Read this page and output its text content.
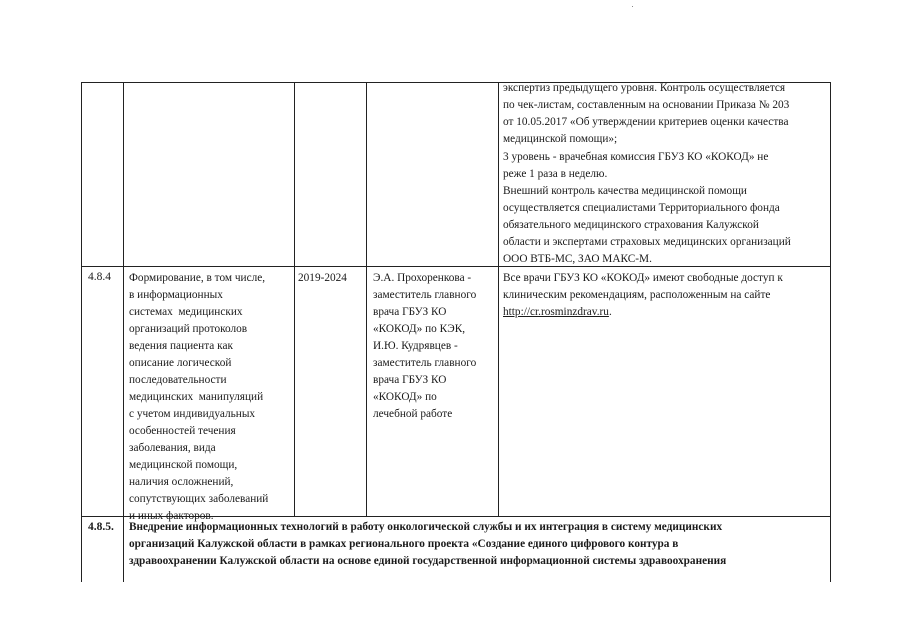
экспертиз предыдущего уровня. Контроль осуществляется
по чек-листам, составленным на основании Приказа № 203
от 10.05.2017 «Об утверждении критериев оценки качества
медицинской помощи»;
3 уровень - врачебная комиссия ГБУЗ КО «КОКОД» не
реже 1 раза в неделю.
Внешний контроль качества медицинской помощи
осуществляется специалистами Территориального фонда
обязательного медицинского страхования Калужской
области и экспертами страховых медицинских организаций
ООО ВТБ-МС, ЗАО МАКС-М.
4.8.4 Формирование, в том числе,
в информационных
системах  медицинских
организаций протоколов
ведения пациента как
описание логической
последовательности
медицинских  манипуляций
с учетом индивидуальных
особенностей течения
заболевания, вида
медицинской помощи,
наличия осложнений,
сопутствующих заболеваний
и иных факторов.
2019-2024 Э.А. Прохоренкова -
заместитель главного
врача ГБУЗ КО
«КОКОД» по КЭК,
И.Ю. Кудрявцев -
заместитель главного
врача ГБУЗ КО
«КОКОД» по
лечебной работе
Все врачи ГБУЗ КО «КОКОД» имеют свободные доступ к
клиническим рекомендациям, расположенным на сайте
http://cr.rosminzdrav.ru.
4.8.5. Внедрение информационных технологий в работу онкологической службы и их интеграция в систему медицинских
организаций Калужской области в рамках регионального проекта «Создание единого цифрового контура в
здравоохранении Калужской области на основе единой государственной информационной системы здравоохранения
